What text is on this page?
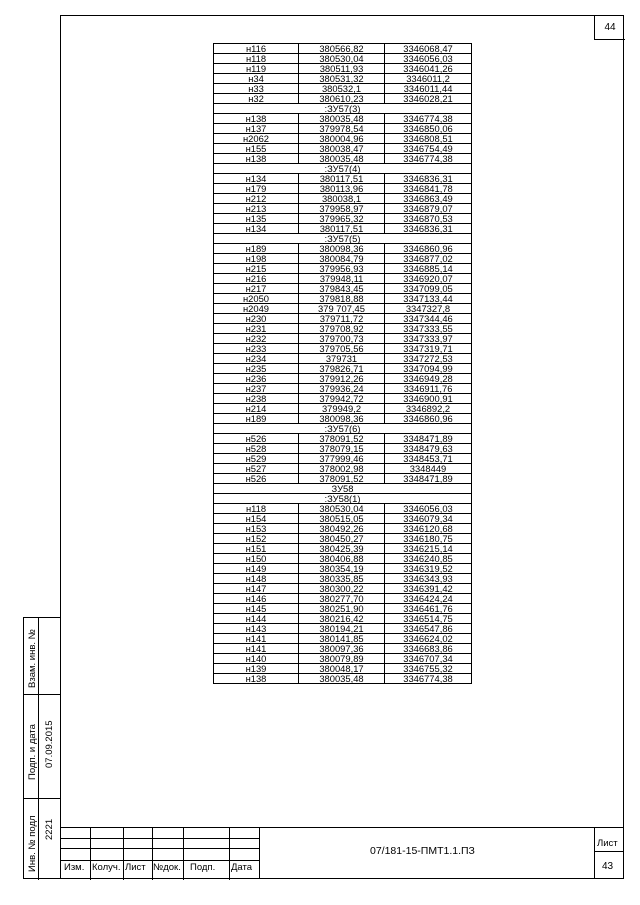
44
н116	380566,82	3346068,47
н118	380530,04	3346056,03
н119	380511,93	3346041,26
н34	380531,32	3346011,2
н33	380532,1	3346011,44
н32	380610,23	3346028,21
:ЗУ57(3)		
н138	380035,48	3346774,38
н137	379978,54	3346850,06
н2062	380004,96	3346808,51
н155	380038,47	3346754,49
н138	380035,48	3346774,38
:ЗУ57(4)		
н134	380117,51	3346836,31
н179	380113,96	3346841,78
н212	380038,1	3346863,49
н213	379958,97	3346879,07
н135	379965,32	3346870,53
н134	380117,51	3346836,31
:ЗУ57(5)		
н189	380098,36	3346860,96
н198	380084,79	3346877,02
н215	379956,93	3346885,14
н216	379948,11	3346920,07
н217	379843,45	3347099,05
н2050	379818,88	3347133,44
н2049	379 707,45	3347327,8
н230	379711,72	3347344,46
н231	379708,92	3347333,55
н232	379700,73	3347333,97
н233	379705,56	3347319,71
н234	379731	3347272,53
н235	379826,71	3347094,99
н236	379912,26	3346949,28
н237	379936,24	3346911,76
н238	379942,72	3346900,91
н214	379949,2	3346892,2
н189	380098,36	3346860,96
:ЗУ57(6)		
н526	378091,52	3348471,89
н528	378079,15	3348479,63
н529	377999,46	3348453,71
н527	378002,98	3348449
н526	378091,52	3348471,89
ЗУ58		
:ЗУ58(1)		
н118	380530,04	3346056,03
н154	380515,05	3346079,34
н153	380492,26	3346120,68
н152	380450,27	3346180,75
н151	380425,39	3346215,14
н150	380406,88	3346240,85
н149	380354,19	3346319,52
н148	380335,85	3346343,93
н147	380300,22	3346391,42
н146	380277,70	3346424,24
н145	380251,90	3346461,76
н144	380216,42	3346514,75
н143	380194,21	3346547,86
н141	380141,85	3346624,02
н141	380097,36	3346683,86
н140	380079,89	3346707,34
н139	380048,17	3346755,32
н138	380035,48	3346774,38
Взам. инв. №
Подп. и дата 07.09.2015
Инв. № подл 2221
Изм. Колуч. Лист №док. Подп. Дата
07/181-15-ПМТ1.1.ПЗ
Лист
43
